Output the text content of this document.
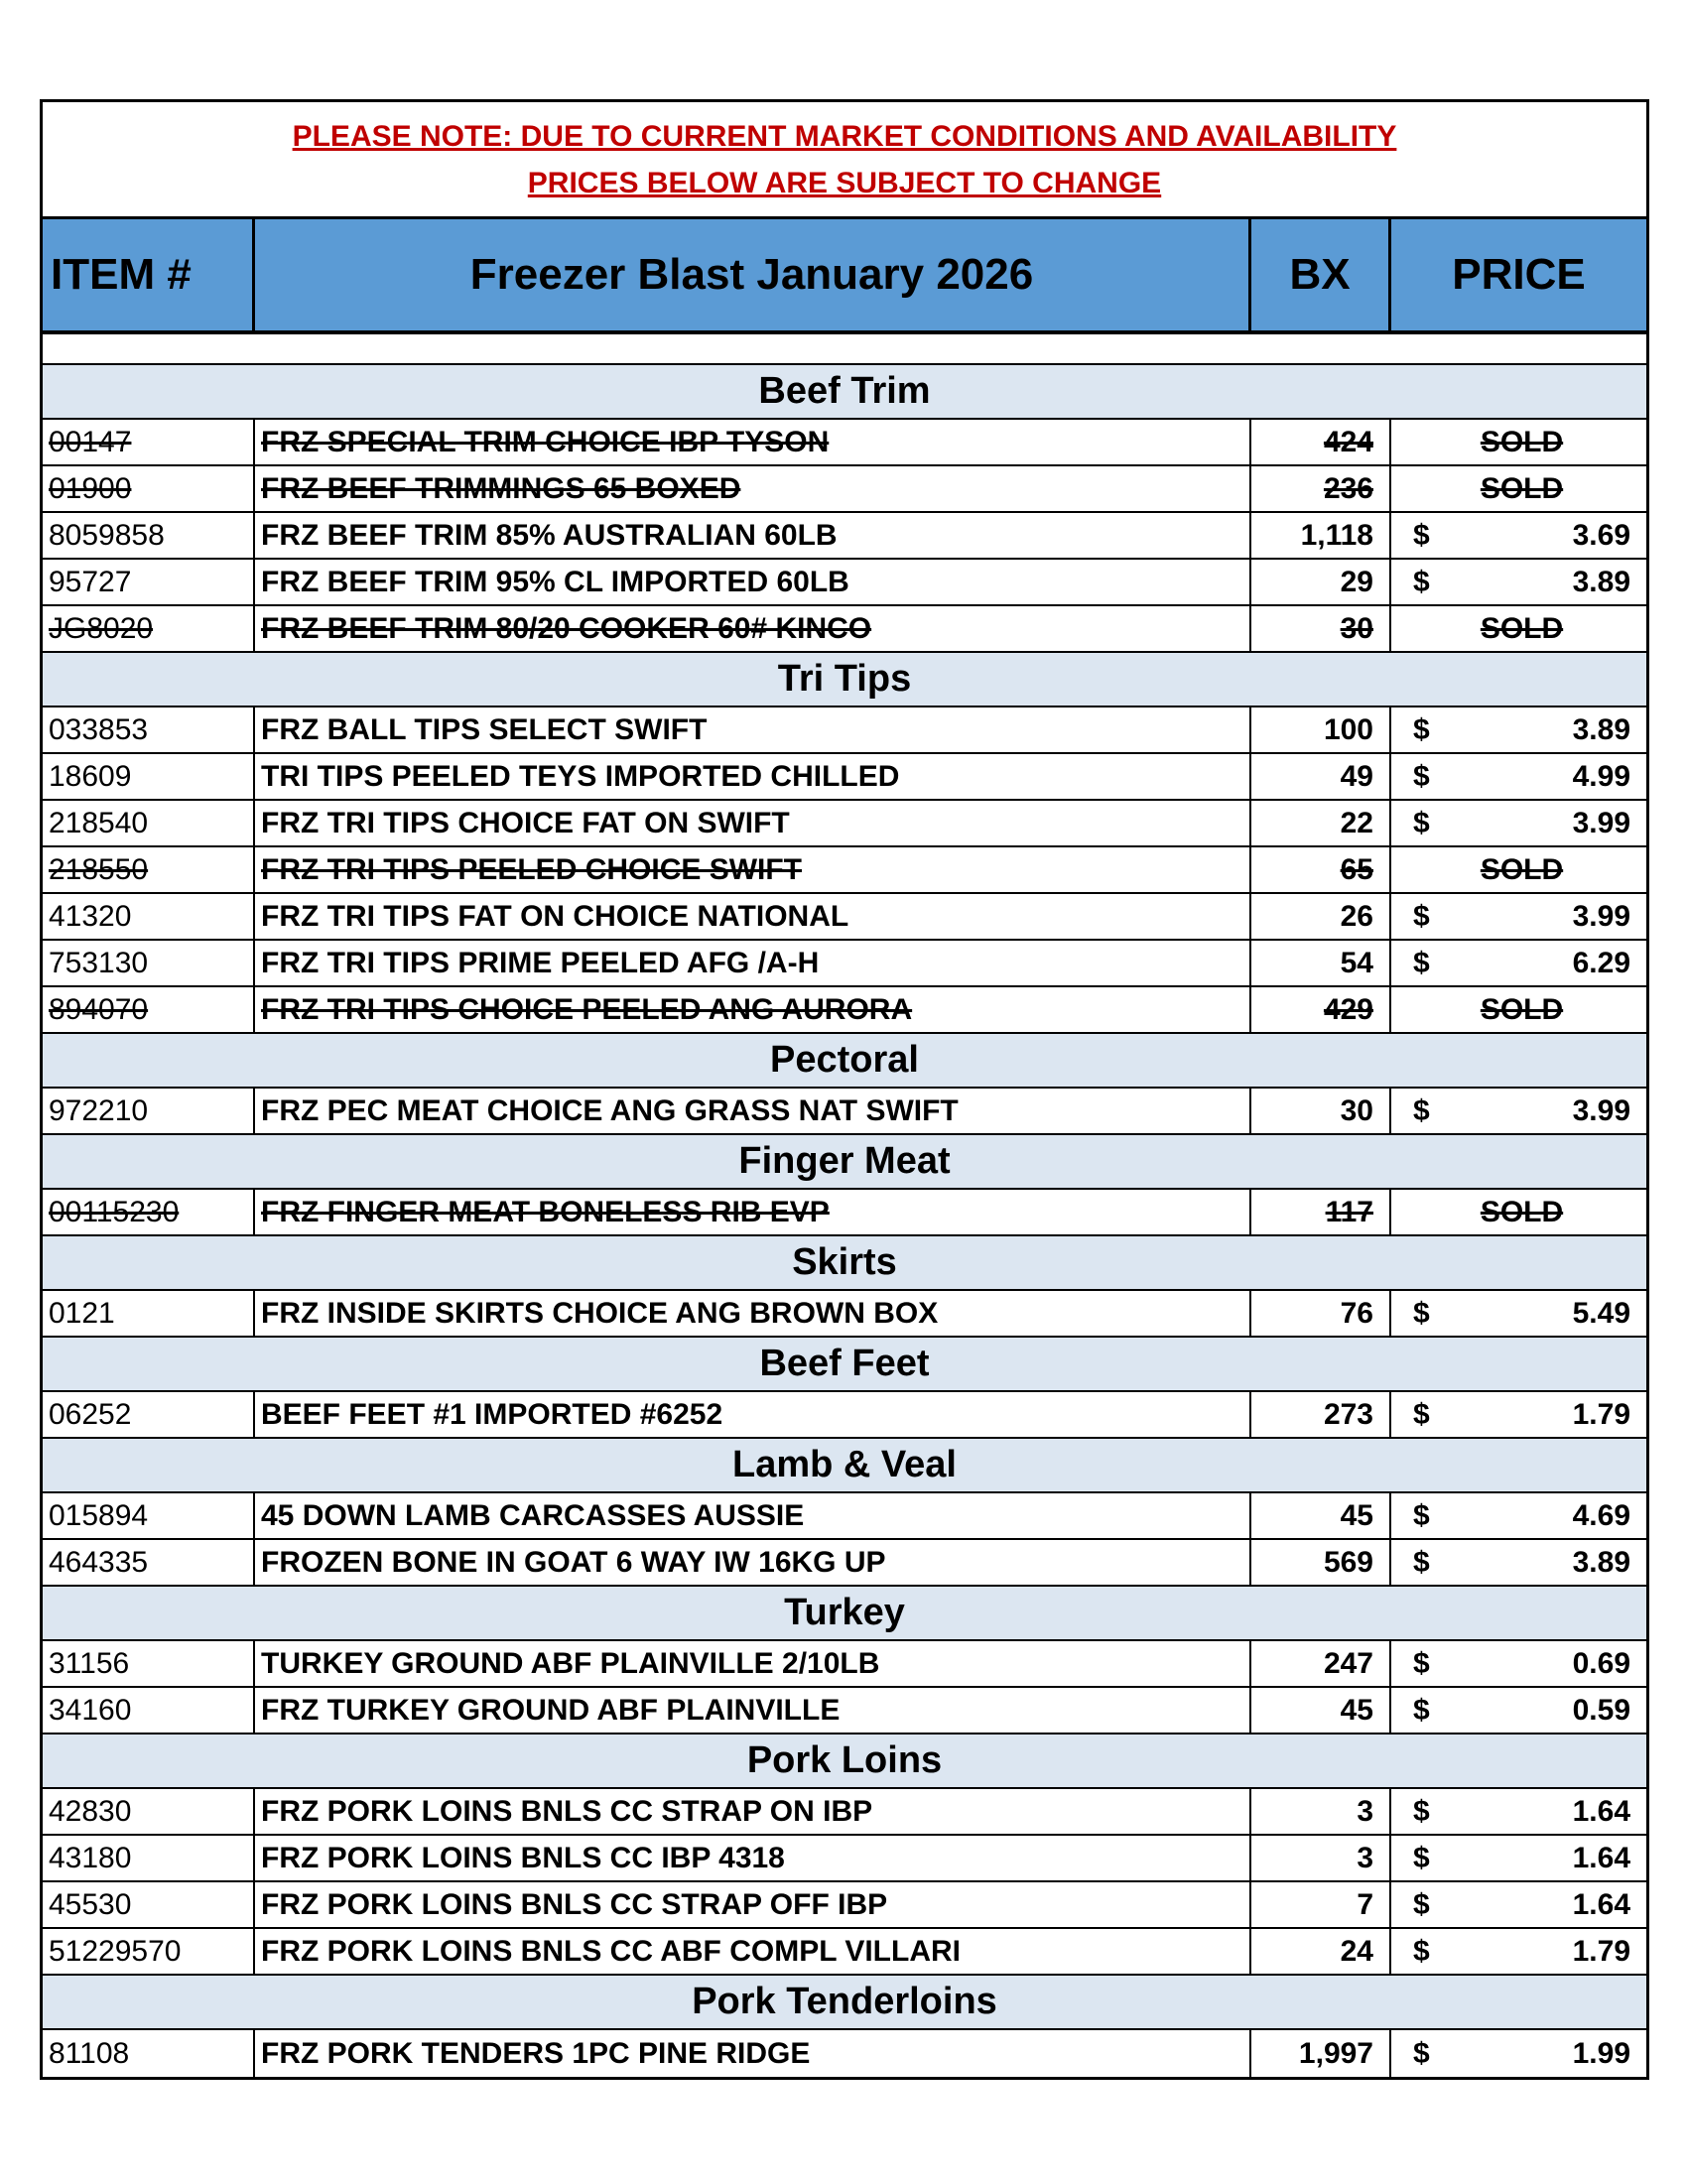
PLEASE NOTE: DUE TO CURRENT MARKET CONDITIONS AND AVAILABILITY
PRICES BELOW ARE SUBJECT TO CHANGE
ITEM #	Freezer Blast January 2026	BX	PRICE
Beef Trim
00147	FRZ SPECIAL TRIM CHOICE IBP TYSON	424	SOLD
01900	FRZ BEEF TRIMMINGS 65 BOXED	236	SOLD
8059858	FRZ BEEF TRIM 85% AUSTRALIAN 60LB	1,118 $	3.69
95727	FRZ BEEF TRIM 95% CL IMPORTED 60LB	29 $	3.89
JG8020	FRZ BEEF TRIM 80/20 COOKER 60# KINCO	30	SOLD
Tri Tips
033853	FRZ BALL TIPS SELECT SWIFT	100 $	3.89
18609	TRI TIPS PEELED TEYS IMPORTED CHILLED	49 $	4.99
218540	FRZ TRI TIPS CHOICE FAT ON SWIFT	22 $	3.99
218550	FRZ TRI TIPS PEELED CHOICE SWIFT	65	SOLD
41320	FRZ TRI TIPS FAT ON CHOICE NATIONAL	26 $	3.99
753130	FRZ TRI TIPS PRIME PEELED AFG /A-H	54 $	6.29
894070	FRZ TRI TIPS CHOICE PEELED ANG AURORA	429	SOLD
Pectoral
972210	FRZ PEC MEAT CHOICE ANG GRASS NAT SWIFT	30 $	3.99
Finger Meat
00115230	FRZ FINGER MEAT BONELESS RIB EVP	117	SOLD
Skirts
0121	FRZ INSIDE SKIRTS CHOICE ANG BROWN BOX	76 $	5.49
Beef Feet
06252	BEEF FEET #1 IMPORTED #6252	273 $	1.79
Lamb & Veal
015894	45 DOWN LAMB CARCASSES AUSSIE	45 $	4.69
464335	FROZEN BONE IN GOAT 6 WAY IW 16KG UP	569 $	3.89
Turkey
31156	TURKEY GROUND ABF PLAINVILLE 2/10LB	247 $	0.69
34160	FRZ TURKEY GROUND ABF PLAINVILLE	45 $	0.59
Pork Loins
42830	FRZ PORK LOINS BNLS CC STRAP ON IBP	3 $	1.64
43180	FRZ PORK LOINS BNLS CC IBP 4318	3 $	1.64
45530	FRZ PORK LOINS BNLS CC STRAP OFF IBP	7 $	1.64
51229570	FRZ PORK LOINS BNLS CC ABF COMPL VILLARI	24 $	1.79
Pork Tenderloins
81108	FRZ PORK TENDERS 1PC PINE RIDGE	1,997 $	1.99
